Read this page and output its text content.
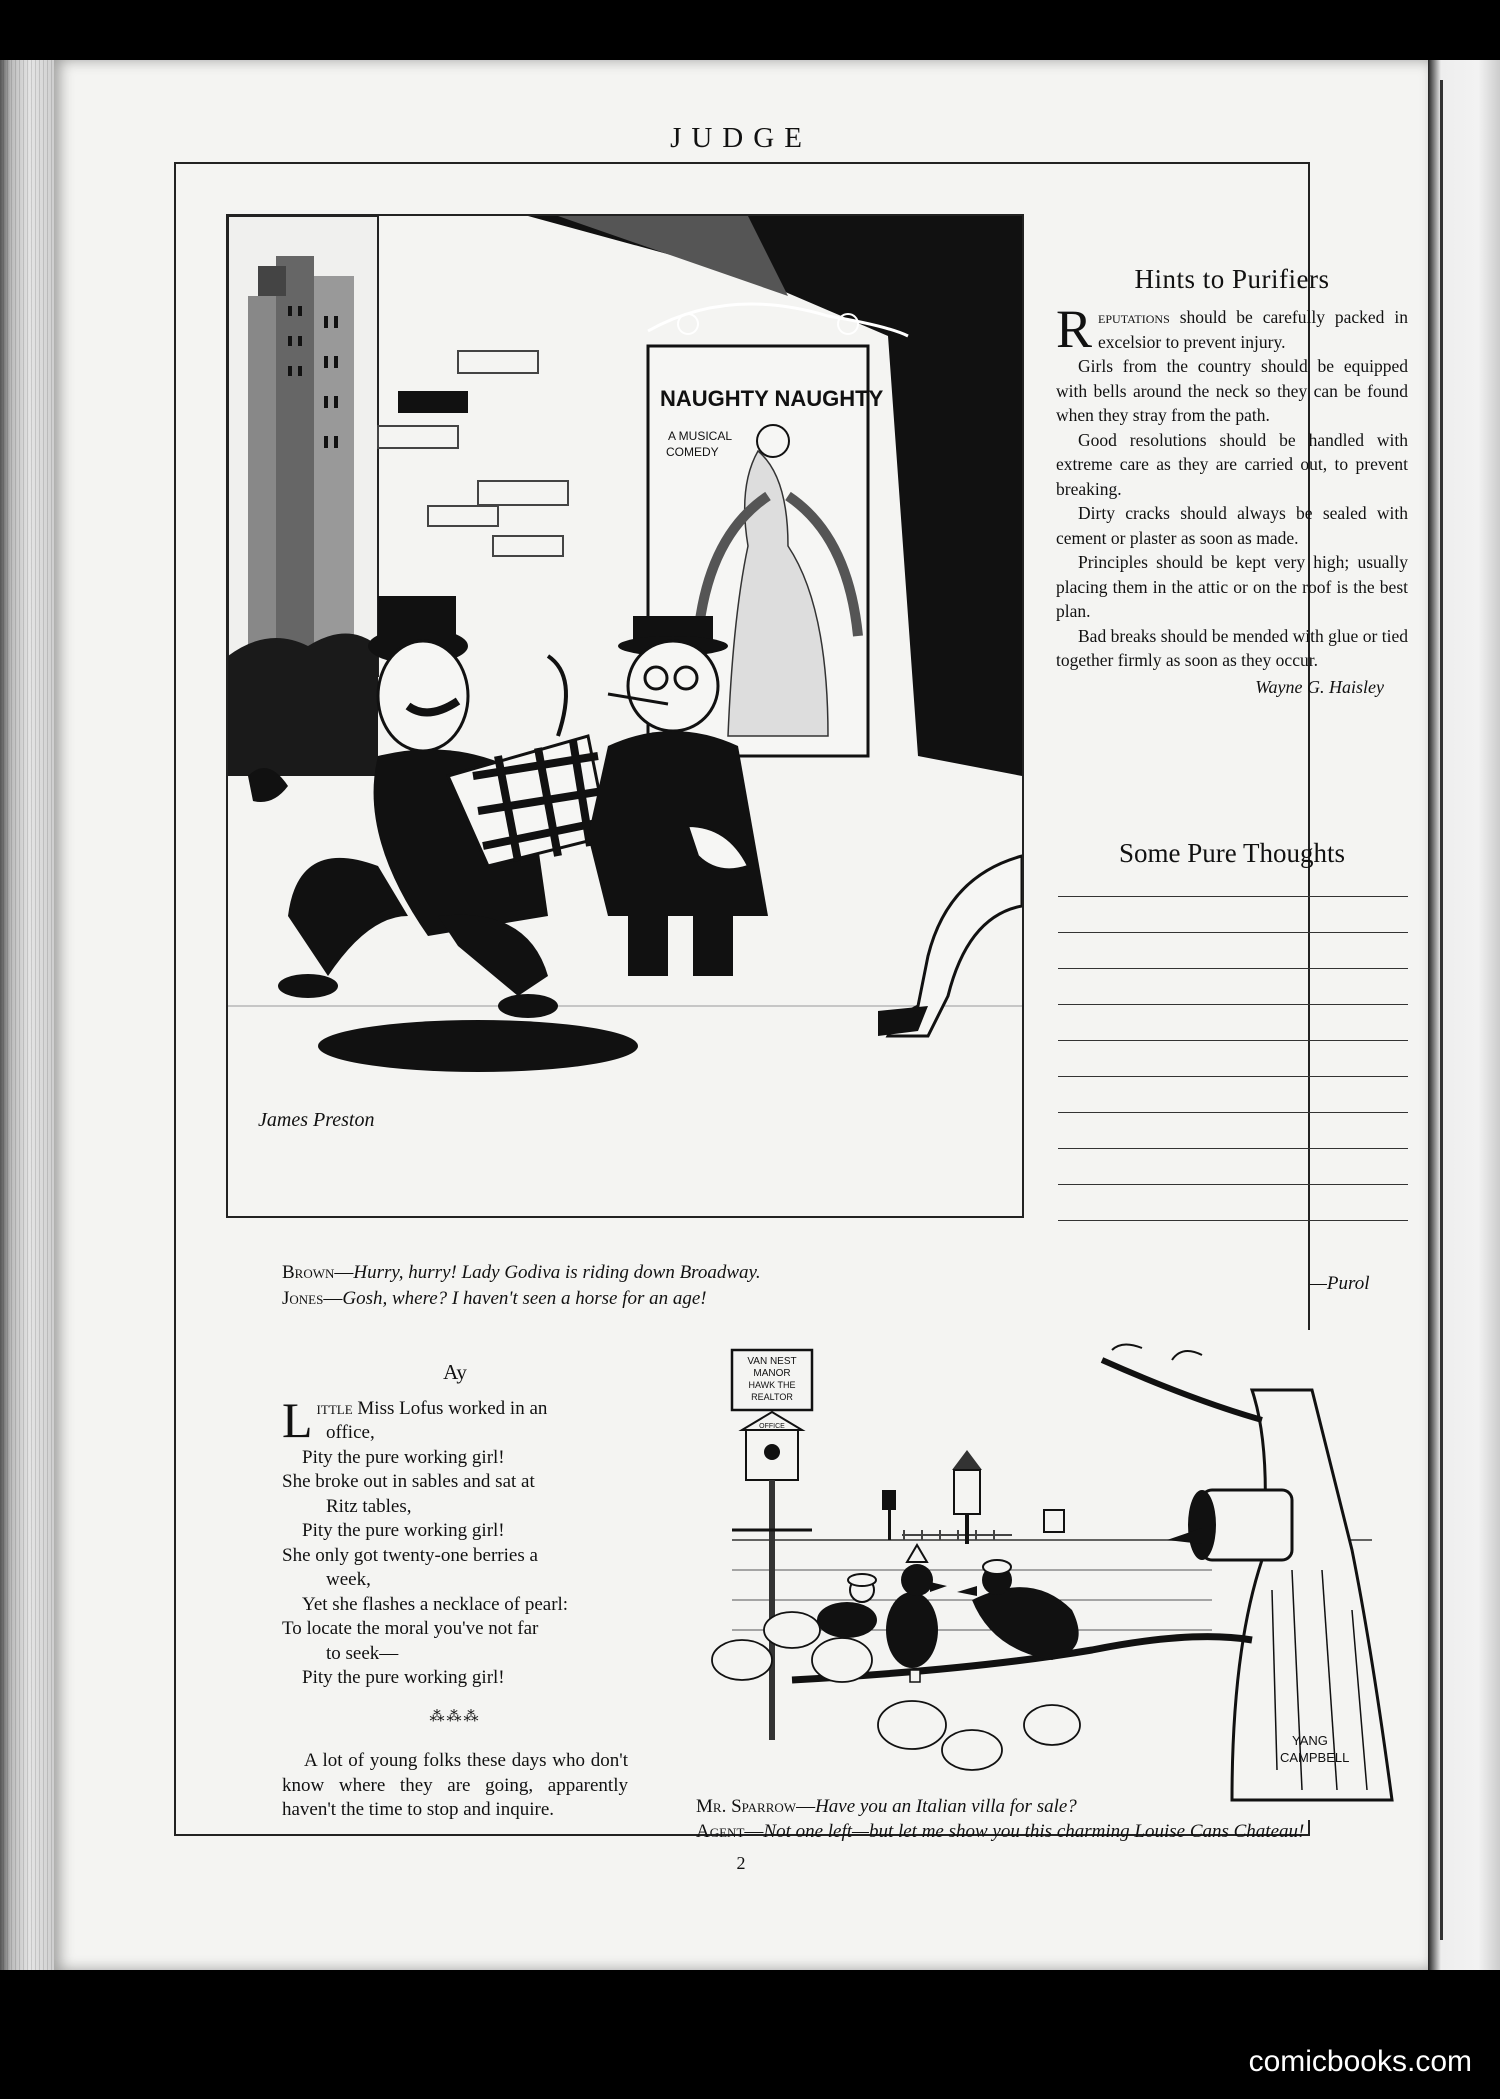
JUDGE
NAUGHTY NAUGHTY
A MUSICAL
COMEDY
James Preston
Brown—Hurry, hurry! Lady Godiva is riding down Broadway.
Jones—Gosh, where? I haven't seen a horse for an age!
Hints to Purifiers

Reputations should be carefully packed in excelsior to prevent injury.

Girls from the country should be equipped with bells around the neck so they can be found when they stray from the path.

Good resolutions should be handled with extreme care as they are carried out, to prevent breaking.

Dirty cracks should always be sealed with cement or plaster as soon as made.

Principles should be kept very high; usually placing them in the attic or on the roof is the best plan.

Bad breaks should be mended with glue or tied together firmly as soon as they occur.

Wayne G. Haisley
Some Pure Thoughts
—Purol
Ay
Little Miss Lofus worked in an
office,
Pity the pure working girl!
She broke out in sables and sat at
Ritz tables,
Pity the pure working girl!
She only got twenty-one berries a
week,
Yet she flashes a necklace of pearl:
To locate the moral you've not far
to seek—
Pity the pure working girl!
⁂⁂⁂
A lot of young folks these days who don't know where they are going, apparently haven't the time to stop and inquire.
VAN NEST
MANOR
HAWK THE
REALTOR
OFFICE
YANG
CAMPBELL
Mr. Sparrow—Have you an Italian villa for sale?
Agent—Not one left—but let me show you this charming Louise Cans Chateau!
2
comicbooks.com
